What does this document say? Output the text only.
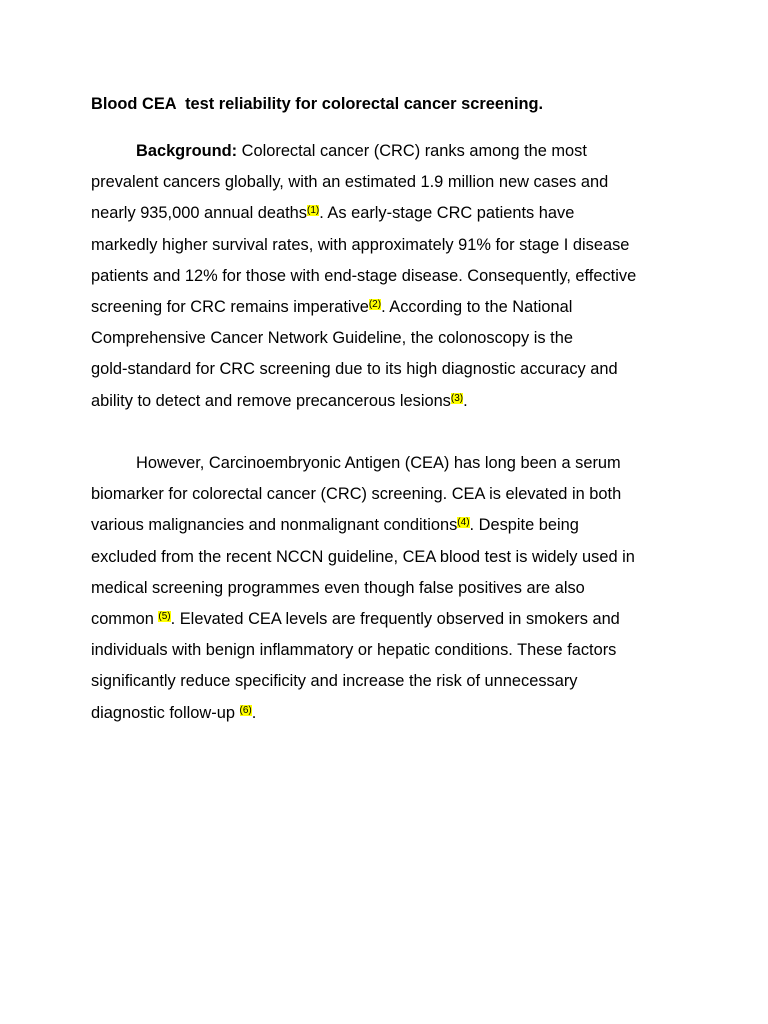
Blood CEA  test reliability for colorectal cancer screening.

Background: Colorectal cancer (CRC) ranks among the most
prevalent cancers globally, with an estimated 1.9 million new cases and
nearly 935,000 annual deaths$^{(1)}$. As early-stage CRC patients have
markedly higher survival rates, with approximately 91% for stage I disease
patients and 12% for those with end-stage disease. Consequently, effective
screening for CRC remains imperative$^{(2)}$. According to the National
Comprehensive Cancer Network Guideline, the colonoscopy is the
gold-standard for CRC screening due to its high diagnostic accuracy and
ability to detect and remove precancerous lesions$^{(3)}$.

However, Carcinoembryonic Antigen (CEA) has long been a serum
biomarker for colorectal cancer (CRC) screening. CEA is elevated in both
various malignancies and nonmalignant conditions$^{(4)}$. Despite being
excluded from the recent NCCN guideline, CEA blood test is widely used in
medical screening programmes even though false positives are also
common $^{(5)}$. Elevated CEA levels are frequently observed in smokers and
individuals with benign inflammatory or hepatic conditions. These factors
significantly reduce specificity and increase the risk of unnecessary
diagnostic follow-up $^{(6)}$.
